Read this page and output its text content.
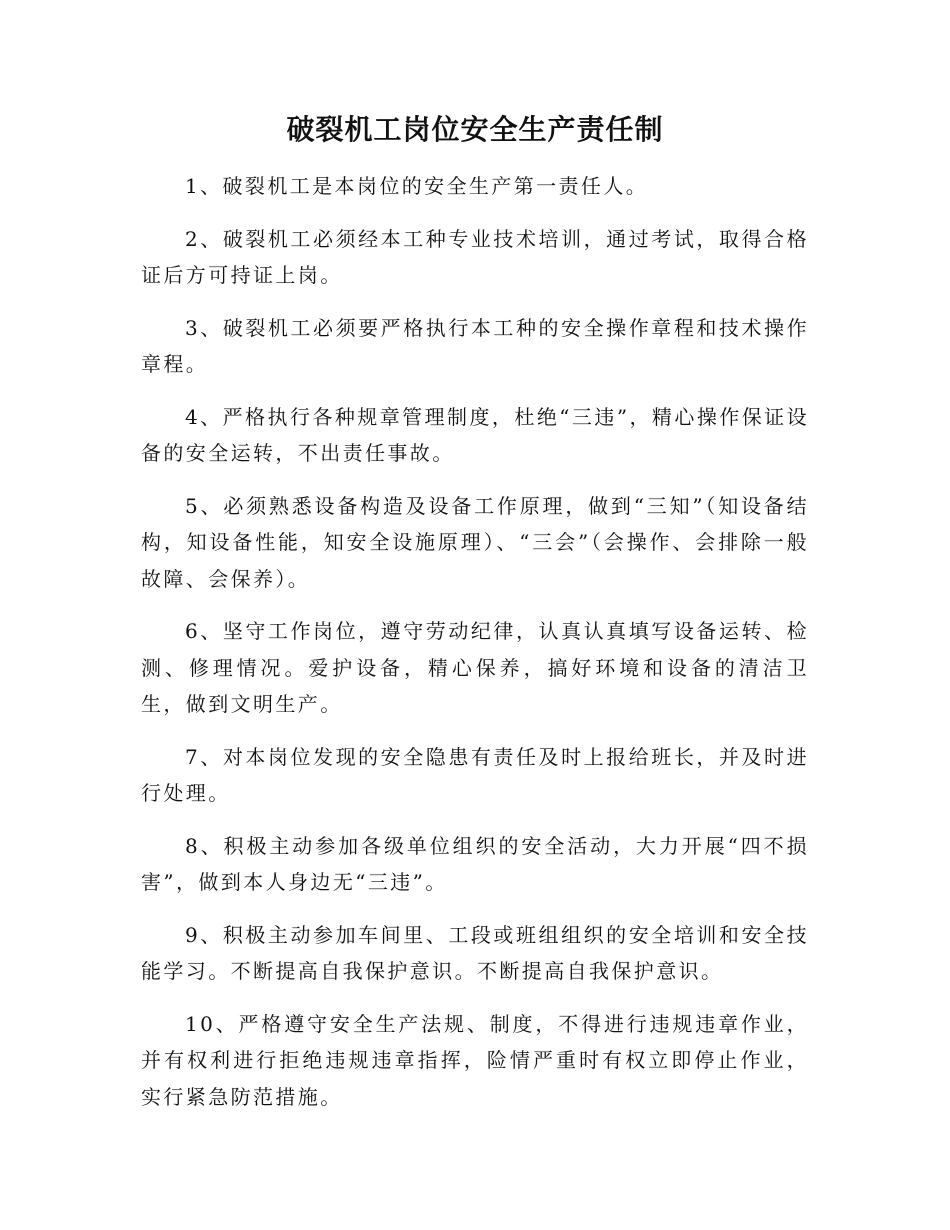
破裂机工岗位安全生产责任制

1、破裂机工是本岗位的安全生产第一责任人。

2、破裂机工必须经本工种专业技术培训，通过考试，取得合格证后方可持证上岗。

3、破裂机工必须要严格执行本工种的安全操作章程和技术操作章程。

4、严格执行各种规章管理制度，杜绝“三违”，精心操作保证设备的安全运转，不出责任事故。

5、必须熟悉设备构造及设备工作原理，做到“三知”（知设备结构，知设备性能，知安全设施原理）、“三会”（会操作、会排除一般故障、会保养）。

6、坚守工作岗位，遵守劳动纪律，认真认真填写设备运转、检测、修理情况。爱护设备，精心保养，搞好环境和设备的清洁卫生，做到文明生产。

7、对本岗位发现的安全隐患有责任及时上报给班长，并及时进行处理。

8、积极主动参加各级单位组织的安全活动，大力开展“四不损害”，做到本人身边无“三违”。

9、积极主动参加车间里、工段或班组组织的安全培训和安全技能学习。不断提高自我保护意识。不断提高自我保护意识。

10、严格遵守安全生产法规、制度，不得进行违规违章作业，并有权利进行拒绝违规违章指挥，险情严重时有权立即停止作业，实行紧急防范措施。
